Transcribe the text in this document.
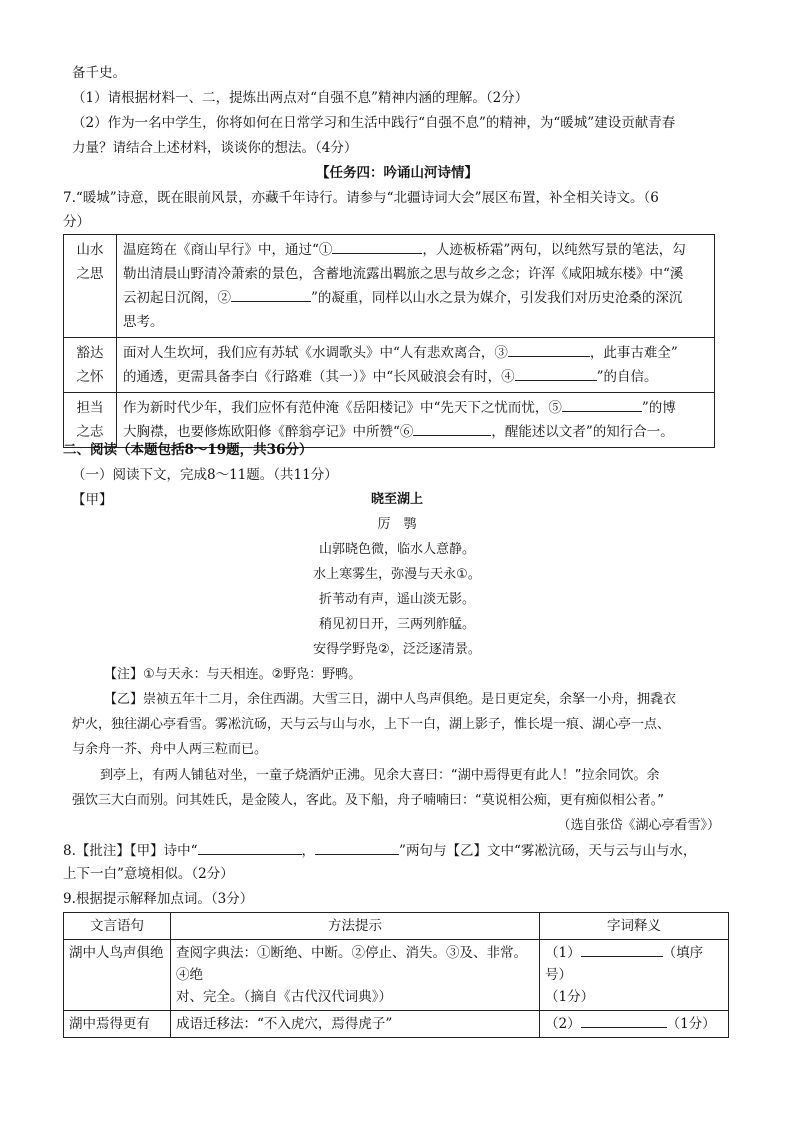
备千史。
（1）请根据材料一、二，提炼出两点对“自强不息”精神内涵的理解。（2分）
（2）作为一名中学生，你将如何在日常学习和生活中践行“自强不息”的精神，为“暖城”建设贡献青春
力量？请结合上述材料，谈谈你的想法。（4分）
【任务四：吟诵山河诗情】
7.“暖城”诗意，既在眼前风景，亦藏千年诗行。请参与“北疆诗词大会”展区布置，补全相关诗文。（6
分）
山水之思	温庭筠在《商山早行》中，通过“① ，人迹板桥霜”两句，以纯然写景的笔法，勾
勒出清晨山野清冷萧索的景色，含蓄地流露出羁旅之思与故乡之念；许浑《咸阳城东楼》中“溪
云初起日沉阁，② ”的凝重，同样以山水之景为媒介，引发我们对历史沧桑的深沉
思考。
豁达之怀	面对人生坎坷，我们应有苏轼《水调歌头》中“人有悲欢离合，③ ，此事古难全”
的通透，更需具备李白《行路难（其一）》中“长风破浪会有时，④ ”的自信。
担当之志	作为新时代少年，我们应怀有范仲淹《岳阳楼记》中“先天下之忧而忧，⑤ ”的博
大胸襟，也要修炼欧阳修《醉翁亭记》中所赞“⑥ ，醒能述以文者”的知行合一。
二、阅读（本题包括8～19题，共36分）
（一）阅读下文，完成8～11题。（共11分）
【甲】	晓至湖上
厉　鹗
山郭晓色微，临水人意静。
水上寒雾生，弥漫与天永①。
折苇动有声，遥山淡无影。
稍见初日开，三两列舴艋。
安得学野凫②，泛泛逐清景。
【注】①与天永：与天相连。②野凫：野鸭。
【乙】崇祯五年十二月，余住西湖。大雪三日，湖中人鸟声俱绝。是日更定矣，余拏一小舟，拥毳衣
炉火，独往湖心亭看雪。雾凇沆砀，天与云与山与水，上下一白，湖上影子，惟长堤一痕、湖心亭一点、
与余舟一芥、舟中人两三粒而已。
到亭上，有两人铺毡对坐，一童子烧酒炉正沸。见余大喜曰：“湖中焉得更有此人！”拉余同饮。余
强饮三大白而别。问其姓氏，是金陵人，客此。及下船，舟子喃喃曰：“莫说相公痴，更有痴似相公者。”
（选自张岱《湖心亭看雪》）
8.【批注】【甲】诗中“	，	”两句与【乙】文中“雾凇沆砀，天与云与山与水，
上下一白”意境相似。（2分）
9.根据提示解释加点词。（3分）
文言语句	方法提示	字词释义
湖中人鸟声俱绝	查阅字典法：①断绝、中断。②停止、消失。③及、非常。④绝
对、完全。（摘自《古代汉代词典》）	（1） （填序号）
（1分）
湖中焉得更有	成语迁移法：“不入虎穴，焉得虎子”	（2） （1分）
